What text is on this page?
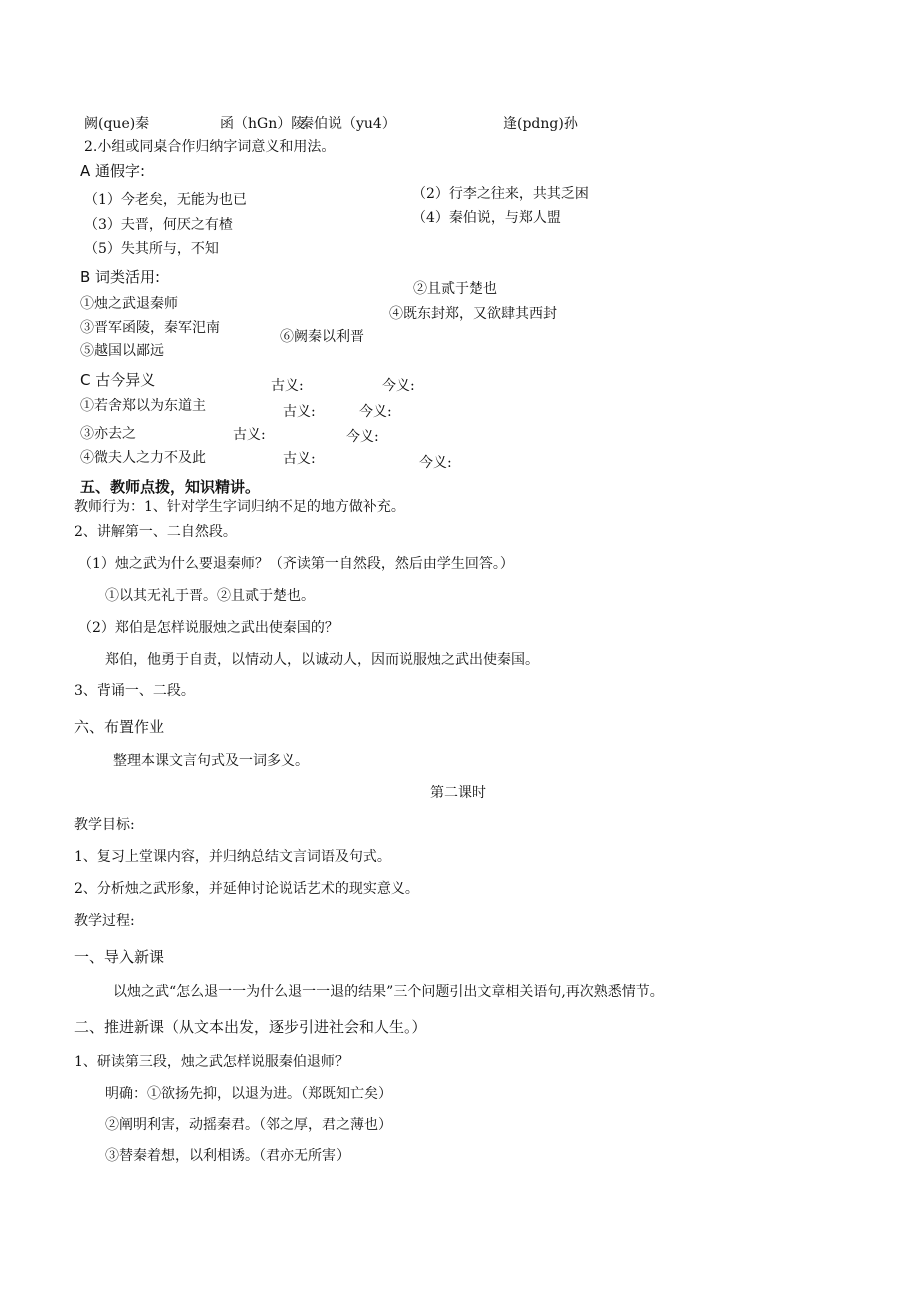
阙(que)秦	函（hGn）陵
秦伯说（yu4）	逢(pdng)孙
2.小组或同桌合作归纳字词意义和用法。
A 通假字:
（1）今老矣，无能为也已	（2）行李之往来，共其乏困
（3）夫晋，何厌之有楂	（4）秦伯说，与郑人盟
（5）失其所与，不知
B 词类活用:
①烛之武退秦师
②且贰于楚也
③晋军函陵，秦军汜南
④既东封郑，又欲肆其西封
⑤越国以鄙远
⑥阙秦以利晋
C 古今异义	古义:	今义:
①若舍郑以为东道主	古义:	今义:
③亦去之	古义:	今义:
④微夫人之力不及此	古义:	今义:
五、教师点拨，知识精讲。
教师行为：1、针对学生字词归纳不足的地方做补充。
2、讲解第一、二自然段。
（1）烛之武为什么要退秦师？（齐读第一自然段，然后由学生回答。）
①以其无礼于晋。②且贰于楚也。
（2）郑伯是怎样说服烛之武出使秦国的？
郑伯，他勇于自责，以情动人，以诚动人，因而说服烛之武出使秦国。
3、背诵一、二段。
六、布置作业
整理本课文言句式及一词多义。
第二课时
教学目标:
1、复习上堂课内容，并归纳总结文言词语及句式。
2、分析烛之武形象，并延伸讨论说话艺术的现实意义。
教学过程:
一、导入新课
以烛之武“怎么退一一为什么退一一退的结果”三个问题引出文章相关语句,再次熟悉情节。
二、推进新课（从文本出发，逐步引进社会和人生。）
1、研读第三段，烛之武怎样说服秦伯退师？
明确：①欲扬先抑，以退为进。（郑既知亡矣）
②阐明利害，动摇秦君。（邻之厚，君之薄也）
③替秦着想，以利相诱。（君亦无所害）
